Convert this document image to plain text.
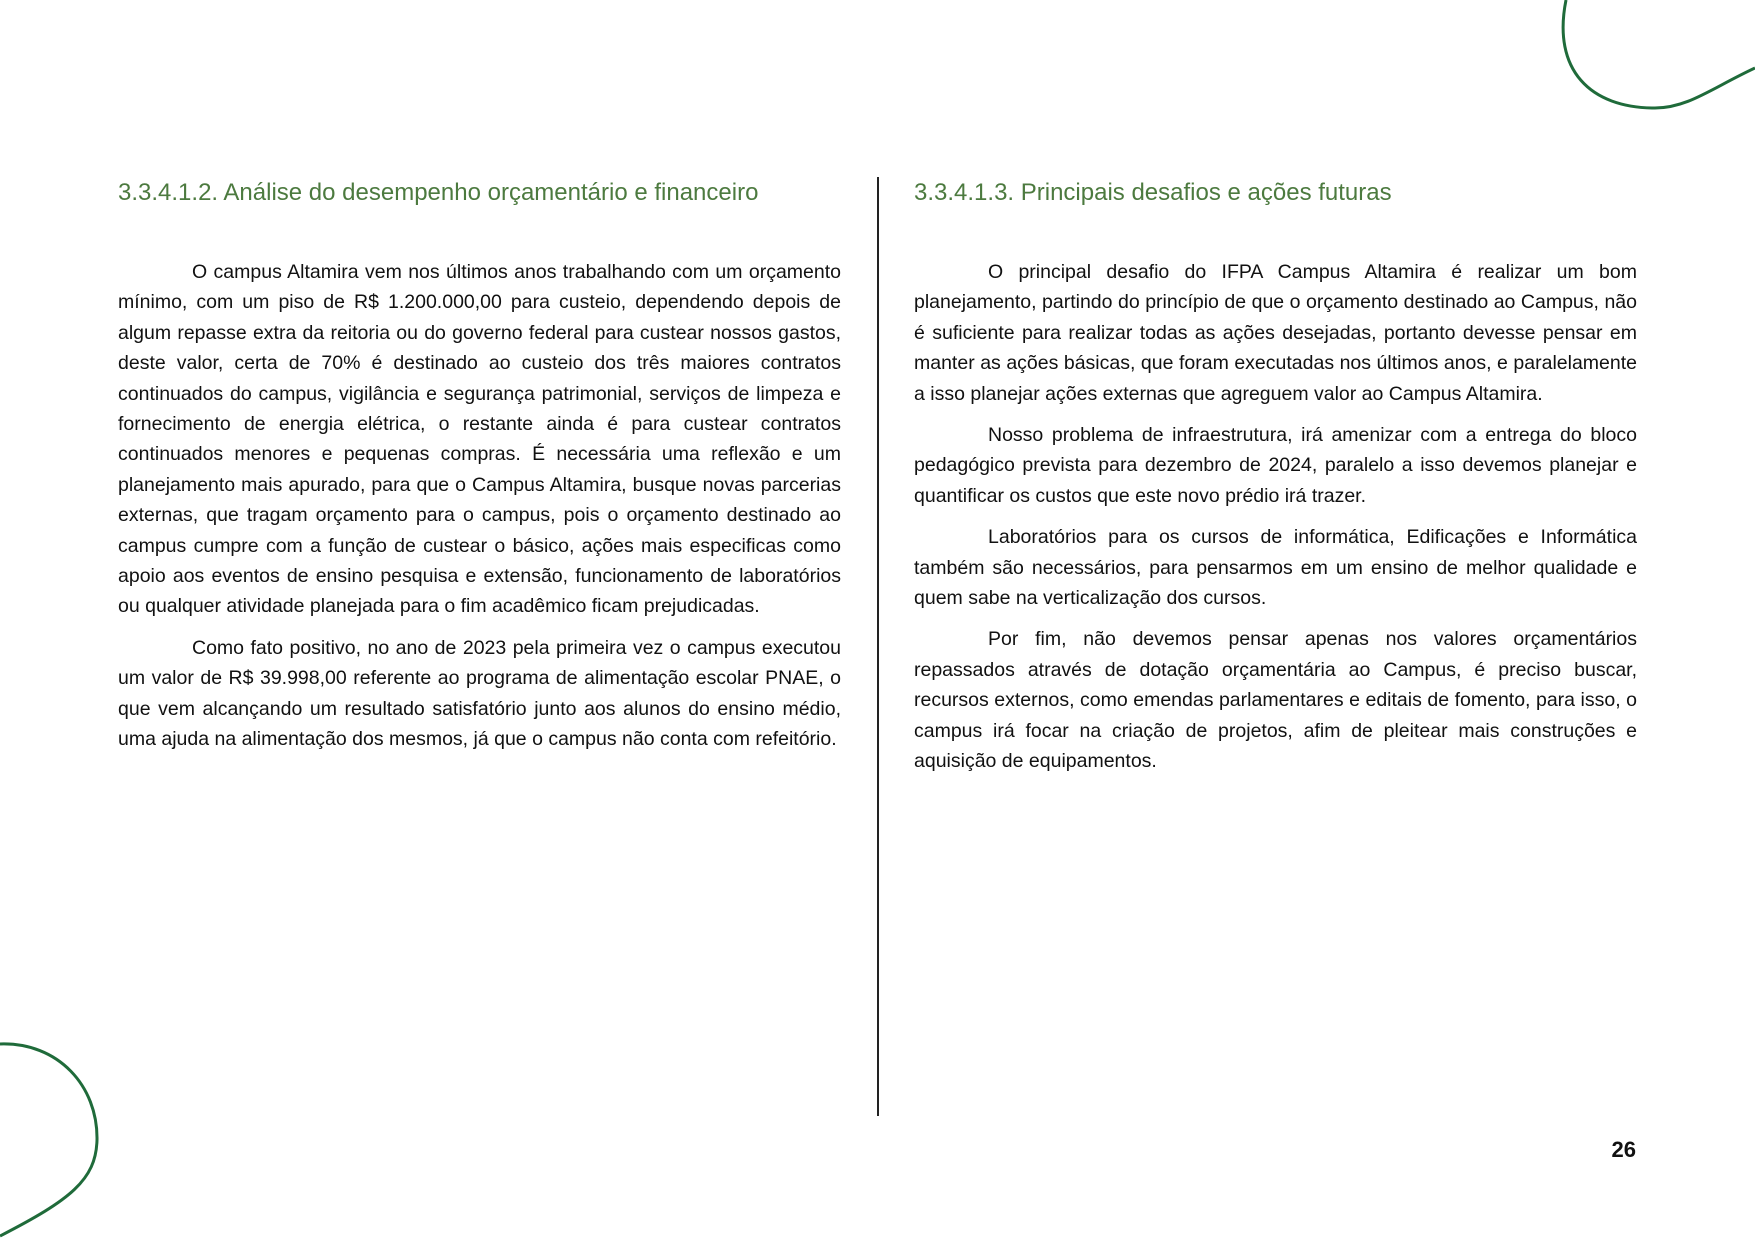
3.3.4.1.2. Análise do desempenho orçamentário e financeiro

O campus Altamira vem nos últimos anos trabalhando com um orçamento mínimo, com um piso de R$ 1.200.000,00 para custeio, dependendo depois de algum repasse extra da reitoria ou do governo federal para custear nossos gastos, deste valor, certa de 70% é destinado ao custeio dos três maiores contratos continuados do campus, vigilância e segurança patrimonial, serviços de limpeza e fornecimento de energia elétrica, o restante ainda é para custear contratos continuados menores e pequenas compras. É necessária uma reflexão e um planejamento mais apurado, para que o Campus Altamira, busque novas parcerias externas, que tragam orçamento para o campus, pois o orçamento destinado ao campus cumpre com a função de custear o básico, ações mais especificas como apoio aos eventos de ensino pesquisa e extensão, funcionamento de laboratórios ou qualquer atividade planejada para o fim acadêmico ficam prejudicadas.

Como fato positivo, no ano de 2023 pela primeira vez o campus executou um valor de R$ 39.998,00 referente ao programa de alimentação escolar PNAE, o que vem alcançando um resultado satisfatório junto aos alunos do ensino médio, uma ajuda na alimentação dos mesmos, já que o campus não conta com refeitório.

3.3.4.1.3. Principais desafios e ações futuras

O principal desafio do IFPA Campus Altamira é realizar um bom planejamento, partindo do princípio de que o orçamento destinado ao Campus, não é suficiente para realizar todas as ações desejadas, portanto devesse pensar em manter as ações básicas, que foram executadas nos últimos anos, e paralelamente a isso planejar ações externas que agreguem valor ao Campus Altamira.

Nosso problema de infraestrutura, irá amenizar com a entrega do bloco pedagógico prevista para dezembro de 2024, paralelo a isso devemos planejar e quantificar os custos que este novo prédio irá trazer.

Laboratórios para os cursos de informática, Edificações e Informática também são necessários, para pensarmos em um ensino de melhor qualidade e quem sabe na verticalização dos cursos.

Por fim, não devemos pensar apenas nos valores orçamentários repassados através de dotação orçamentária ao Campus, é preciso buscar, recursos externos, como emendas parlamentares e editais de fomento, para isso, o campus irá focar na criação de projetos, afim de pleitear mais construções e aquisição de equipamentos.

26
